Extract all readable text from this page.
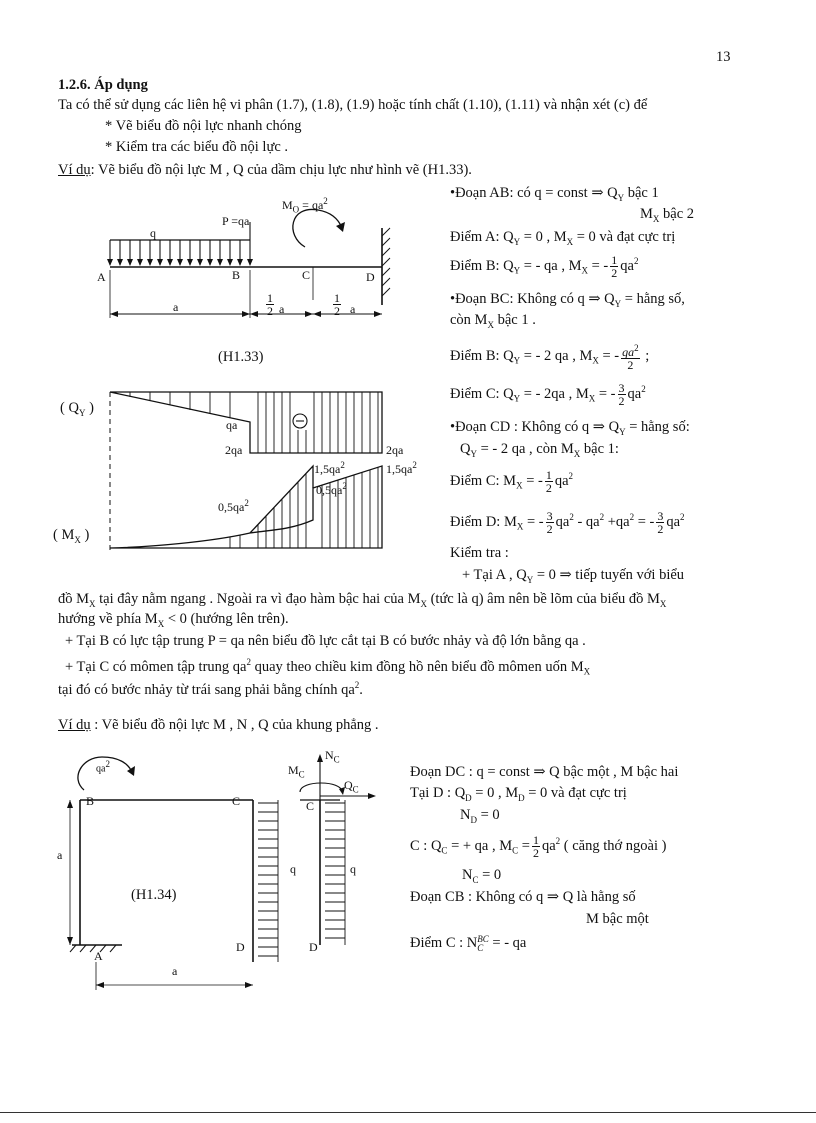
13
1.2.6. Áp dụng
Ta có thể sử dụng các liên hệ vi phân (1.7), (1.8), (1.9) hoặc tính chất (1.10), (1.11) và nhận xét (c) để
* Vẽ biểu đồ nội lực nhanh chóng
* Kiểm tra các biểu đồ nội lực .
Ví dụ: Vẽ biểu đồ nội lực M , Q của dầm chịu lực như hình vẽ (H1.33).
$M_O = qa^2$
P =qa
q
A	B	C	D
a	$\frac{1}{2}$ a	$\frac{1}{2}$ a
(H1.33)
( $Q_Y$ )
qa
2qa	2qa
$1,5qa^2$
$0,5qa^2$
$1,5qa^2$
$0,5qa^2$
( $M_X$ )
•Đoạn AB: có q = const ⇒ $Q_Y$ bậc 1
$M_X$ bậc 2
Điểm A: $Q_Y = 0$ , $M_X = 0$ và đạt cực trị
Điểm B: $Q_Y$ = - qa , $M_X$ = - $\frac{1}{2} qa^2$
•Đoạn BC: Không có q ⇒ $Q_Y$ = hằng số,
còn $M_X$ bậc 1 .
Điểm B: $Q_Y$ = - 2 qa , $M_X$ = - $\frac{qa^2}{2}$ ;
Điểm C: $Q_Y$ = - 2qa , $M_X$ = - $\frac{3}{2} qa^2$
•Đoạn CD : Không có q ⇒ $Q_Y$ = hằng số:
$Q_Y$ = - 2 qa , còn $M_X$ bậc 1:
Điểm C: $M_X$ = - $\frac{1}{2} qa^2$
Điểm D: $M_X$ = - $\frac{3}{2} qa^2 - qa^2 +qa^2$ = - $\frac{3}{2} qa^2$
Kiểm tra :
+ Tại A , $Q_Y = 0$ ⇒ tiếp tuyến với biểu
đồ $M_X$ tại đây nằm ngang . Ngoài ra vì đạo hàm bậc hai của $M_X$ (tức là q) âm nên bề lõm của biểu đồ $M_X$
hướng về phía $M_X < 0$ (hướng lên trên).
+ Tại B có lực tập trung P = qa nên biểu đồ lực cắt tại B có bước nhảy và độ lớn bằng qa .
+ Tại C có mômen tập trung $qa^2$ quay theo chiều kim đồng hồ nên biểu đồ mômen uốn $M_X$
tại đó có bước nhảy từ trái sang phải bằng chính $qa^2$.
Ví dụ : Vẽ biểu đồ nội lực M , N , Q của khung phẳng .
$qa^2$
B	C
a
(H1.34)
q
D
A
a
$M_C$
$N_C$
$Q_C$
C
q
D
Đoạn DC : q = const ⇒ Q bậc một , M bậc hai
Tại D : $Q_D = 0$ , $M_D = 0$ và đạt cực trị
$N_D = 0$
C : $Q_C$ = + qa , $M_C = \frac{1}{2} qa^2$ ( căng thớ ngoài )
$N_C = 0$
Đoạn CB : Không có q ⇒ Q là hằng số
M bậc một
Điểm C : N BC
C = - qa
